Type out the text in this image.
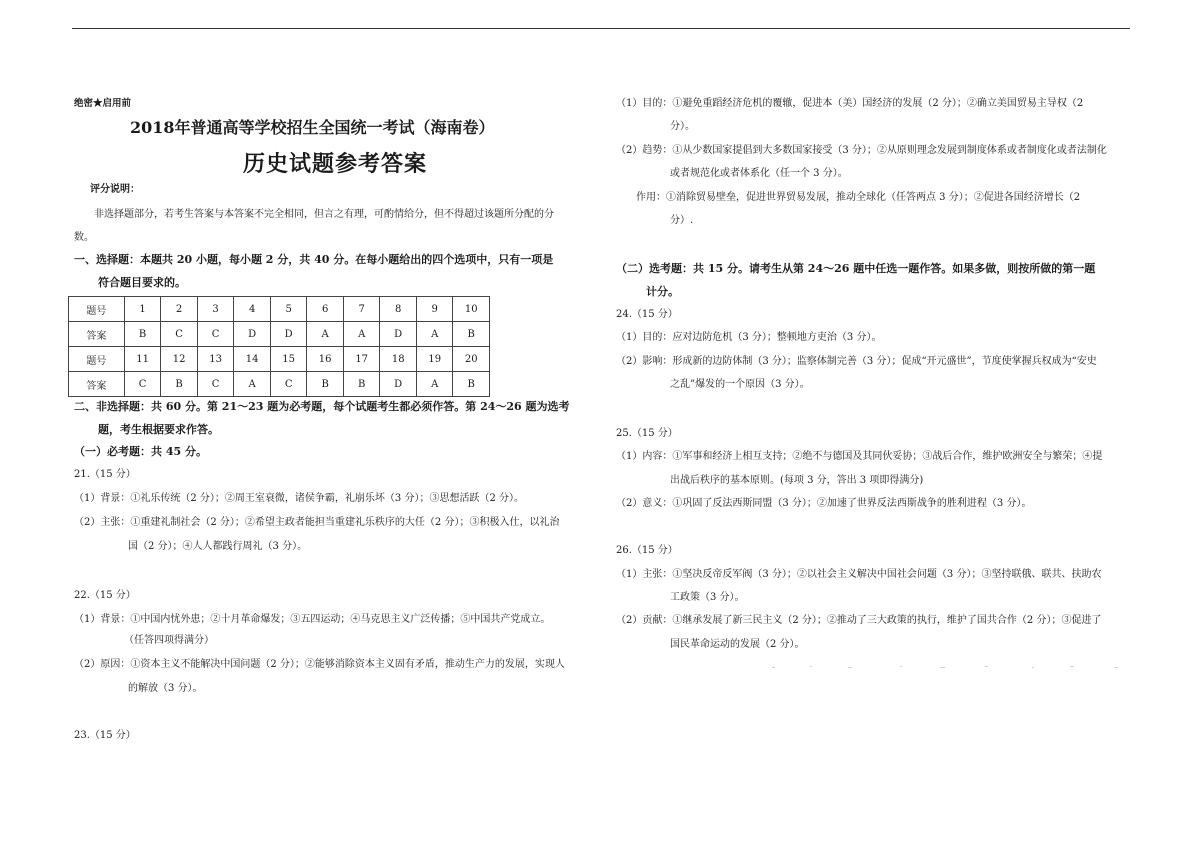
绝密★启用前
2018年普通高等学校招生全国统一考试（海南卷）
历史试题参考答案
评分说明：
非选择题部分，若考生答案与本答案不完全相同，但言之有理，可酌情给分，但不得超过该题所分配的分
数。
一、选择题：本题共 20 小题，每小题 2 分，共 40 分。在每小题给出的四个选项中，只有一项是
符合题目要求的。
题号	1	2	3	4	5	6	7	8	9	10
答案	B	C	C	D	D	A	A	D	A	B
题号	11	12	13	14	15	16	17	18	19	20
答案	C	B	C	A	C	B	B	D	A	B
二、非选择题：共 60 分。第 21～23 题为必考题，每个试题考生都必须作答。第 24～26 题为选考
题，考生根据要求作答。
（一）必考题：共 45 分。
21.（15 分）
（1）背景：①礼乐传统（2 分）；②周王室衰微，诸侯争霸，礼崩乐坏（3 分）；③思想活跃（2 分）。
（2）主张：①重建礼制社会（2 分）；②希望主政者能担当重建礼乐秩序的大任（2 分）；③积极入仕，以礼治
国（2 分）；④人人都践行周礼（3 分）。
22.（15 分）
（1）背景：①中国内忧外患；②十月革命爆发；③五四运动；④马克思主义广泛传播；⑤中国共产党成立。
（任答四项得满分）
（2）原因：①资本主义不能解决中国问题（2 分）；②能够消除资本主义固有矛盾，推动生产力的发展，实现人
的解放（3 分）。
23.（15 分）
（1）目的：①避免重蹈经济危机的覆辙，促进本（美）国经济的发展（2 分）；②确立美国贸易主导权（2
分）。
（2）趋势：①从少数国家提倡到大多数国家接受（3 分）；②从原则理念发展到制度体系或者制度化或者法制化
或者规范化或者体系化（任一个 3 分）。
作用：①消除贸易壁垒，促进世界贸易发展，推动全球化（任答两点 3 分）；②促进各国经济增长（2
分）.
（二）选考题：共 15 分。请考生从第 24～26 题中任选一题作答。如果多做，则按所做的第一题
计分。
24.（15 分）
（1）目的：应对边防危机（3 分）；整顿地方吏治（3 分）。
（2）影响：形成新的边防体制（3 分）；监察体制完善（3 分）；促成“开元盛世”，节度使掌握兵权成为“安史
之乱”爆发的一个原因（3 分）。
25.（15 分）
（1）内容：①军事和经济上相互支持；②绝不与德国及其同伙妥协；③战后合作，维护欧洲安全与繁荣；④提
出战后秩序的基本原则。(每项 3 分，答出 3 项即得满分)
（2）意义：①巩固了反法西斯同盟（3 分）；②加速了世界反法西斯战争的胜利进程（3 分）。
26.（15 分）
（1）主张：①坚决反帝反军阀（3 分）；②以社会主义解决中国社会问题（3 分）；③坚持联俄、联共、扶助农
工政策（3 分）。
（2）贡献：①继承发展了新三民主义（2 分）；②推动了三大政策的执行，维护了国共合作（2 分）；③促进了
国民革命运动的发展（2 分）。
